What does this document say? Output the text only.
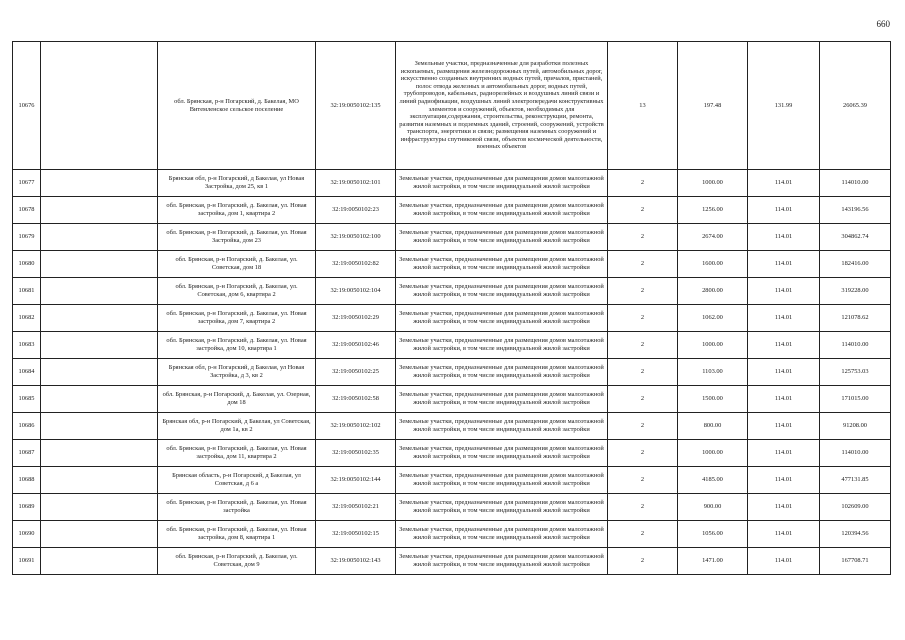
660
10676		обл. Брянская, р-н Погарский, д. Бакелая, МО Витемленское сельское поселение	32:19:0050102:135	Земельные участки, предназначенные для разработки полезных ископаемых, размещения железнодорожных путей, автомобильных дорог, искусственно созданных внутренних водных путей, причалов, пристаней, полос отвода железных и автомобильных дорог, водных путей, трубопроводов, кабельных, радиорелейных и воздушных линий связи и линий радиофикации, воздушных линий электропередачи конструктивных элементов и сооружений, объектов, необходимых для эксплуатации,содержания, строительства, реконструкции, ремонта, развития наземных и подземных зданий, строений, сооружений, устройств транспорта, энергетики и связи; размещения наземных сооружений и инфраструктуры спутниковой связи, объектов космической деятельности, военных объектов	13	197.48	131.99	26065.39
10677		Брянская обл, р-н Погарский, д Бакелая, ул Новая Застройка, дом 25, кв 1	32:19:0050102:101	Земельные участки, предназначенные для размещения домов малоэтажной жилой застройки, в том числе индивидуальной жилой застройки	2	1000.00	114.01	114010.00
10678		обл. Брянская, р-н Погарский, д. Бакелая, ул. Новая застройка, дом 1, квартира 2	32:19:0050102:23	Земельные участки, предназначенные для размещения домов малоэтажной жилой застройки, в том числе индивидуальной жилой застройки	2	1256.00	114.01	143196.56
10679		обл. Брянская, р-н Погарский, д. Бакелая, ул. Новая Застройка, дом 23	32:19:0050102:100	Земельные участки, предназначенные для размещения домов малоэтажной жилой застройки, в том числе индивидуальной жилой застройки	2	2674.00	114.01	304862.74
10680		обл. Брянская, р-н Погарский, д. Бакелая, ул. Советская, дом 18	32:19:0050102:82	Земельные участки, предназначенные для размещения домов малоэтажной жилой застройки, в том числе индивидуальной жилой застройки	2	1600.00	114.01	182416.00
10681		обл. Брянская, р-н Погарский, д. Бакелая, ул. Советская, дом 6, квартира 2	32:19:0050102:104	Земельные участки, предназначенные для размещения домов малоэтажной жилой застройки, в том числе индивидуальной жилой застройки	2	2800.00	114.01	319228.00
10682		обл. Брянская, р-н Погарский, д. Бакелая, ул. Новая застройка, дом 7, квартира 2	32:19:0050102:29	Земельные участки, предназначенные для размещения домов малоэтажной жилой застройки, в том числе индивидуальной жилой застройки	2	1062.00	114.01	121078.62
10683		обл. Брянская, р-н Погарский, д. Бакелая, ул. Новая застройка, дом 10, квартира 1	32:19:0050102:46	Земельные участки, предназначенные для размещения домов малоэтажной жилой застройки, в том числе индивидуальной жилой застройки	2	1000.00	114.01	114010.00
10684		Брянская обл, р-н Погарский, д Бакелая, ул Новая Застройка, д 3, кв 2	32:19:0050102:25	Земельные участки, предназначенные для размещения домов малоэтажной жилой застройки, в том числе индивидуальной жилой застройки	2	1103.00	114.01	125753.03
10685		обл. Брянская, р-н Погарский, д. Бакелая, ул. Озерная, дом 18	32:19:0050102:58	Земельные участки, предназначенные для размещения домов малоэтажной жилой застройки, в том числе индивидуальной жилой застройки	2	1500.00	114.01	171015.00
10686		Брянская обл, р-н Погарский, д Бакелая, ул Советская, дом 1а, кв 2	32:19:0050102:102	Земельные участки, предназначенные для размещения домов малоэтажной жилой застройки, в том числе индивидуальной жилой застройки	2	800.00	114.01	91208.00
10687		обл. Брянская, р-н Погарский, д. Бакелая, ул. Новая застройка, дом 11, квартира 2	32:19:0050102:35	Земельные участки, предназначенные для размещения домов малоэтажной жилой застройки, в том числе индивидуальной жилой застройки	2	1000.00	114.01	114010.00
10688		Брянская область, р-н Погарский, д Бакелая, ул Советская, д 6 а	32:19:0050102:144	Земельные участки, предназначенные для размещения домов малоэтажной жилой застройки, в том числе индивидуальной жилой застройки	2	4185.00	114.01	477131.85
10689		обл. Брянская, р-н Погарский, д. Бакелая, ул. Новая застройка	32:19:0050102:21	Земельные участки, предназначенные для размещения домов малоэтажной жилой застройки, в том числе индивидуальной жилой застройки	2	900.00	114.01	102609.00
10690		обл. Брянская, р-н Погарский, д. Бакелая, ул. Новая застройка, дом 8, квартира 1	32:19:0050102:15	Земельные участки, предназначенные для размещения домов малоэтажной жилой застройки, в том числе индивидуальной жилой застройки	2	1056.00	114.01	120394.56
10691		обл. Брянская, р-н Погарский, д. Бакелая, ул. Советская, дом 9	32:19:0050102:143	Земельные участки, предназначенные для размещения домов малоэтажной жилой застройки, в том числе индивидуальной жилой застройки	2	1471.00	114.01	167708.71
